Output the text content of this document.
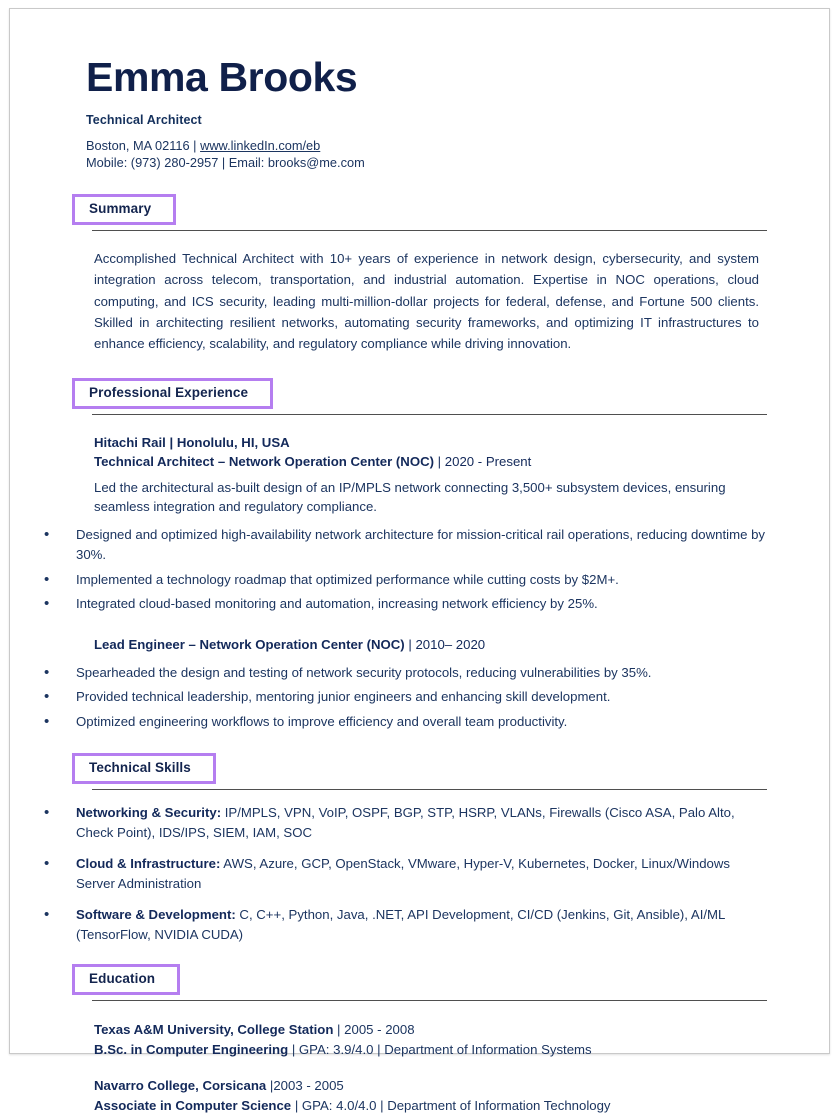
Emma Brooks
Technical Architect
Boston, MA 02116 | www.linkedIn.com/eb
Mobile: (973) 280-2957 | Email: brooks@me.com
Summary

Accomplished Technical Architect with 10+ years of experience in network design, cybersecurity, and system integration across telecom, transportation, and industrial automation. Expertise in NOC operations, cloud computing, and ICS security, leading multi-million-dollar projects for federal, defense, and Fortune 500 clients. Skilled in architecting resilient networks, automating security frameworks, and optimizing IT infrastructures to enhance efficiency, scalability, and regulatory compliance while driving innovation.

Professional Experience
Hitachi Rail | Honolulu, HI, USA
Technical Architect – Network Operation Center (NOC) | 2020 - Present
Led the architectural as-built design of an IP/MPLS network connecting 3,500+ subsystem devices, ensuring seamless integration and regulatory compliance.
• Designed and optimized high-availability network architecture for mission-critical rail operations, reducing downtime by 30%.
• Implemented a technology roadmap that optimized performance while cutting costs by $2M+.
• Integrated cloud-based monitoring and automation, increasing network efficiency by 25%.
Lead Engineer – Network Operation Center (NOC) | 2010– 2020
• Spearheaded the design and testing of network security protocols, reducing vulnerabilities by 35%.
• Provided technical leadership, mentoring junior engineers and enhancing skill development.
• Optimized engineering workflows to improve efficiency and overall team productivity.
Technical Skills
• Networking & Security: IP/MPLS, VPN, VoIP, OSPF, BGP, STP, HSRP, VLANs, Firewalls (Cisco ASA, Palo Alto, Check Point), IDS/IPS, SIEM, IAM, SOC
• Cloud & Infrastructure: AWS, Azure, GCP, OpenStack, VMware, Hyper-V, Kubernetes, Docker, Linux/Windows Server Administration
• Software & Development: C, C++, Python, Java, .NET, API Development, CI/CD (Jenkins, Git, Ansible), AI/ML (TensorFlow, NVIDIA CUDA)
Education
Texas A&M University, College Station | 2005 - 2008
B.Sc. in Computer Engineering | GPA: 3.9/4.0 | Department of Information Systems
Navarro College, Corsicana |2003 - 2005
Associate in Computer Science | GPA: 4.0/4.0 | Department of Information Technology
